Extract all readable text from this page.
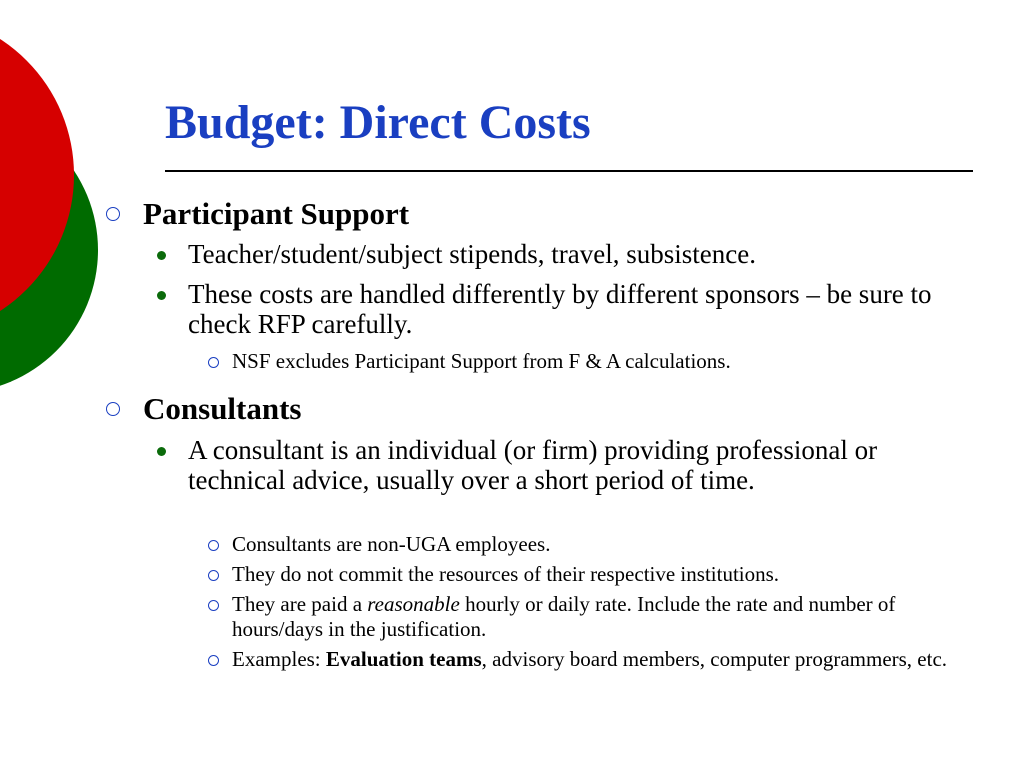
Budget: Direct Costs
Participant Support
Teacher/student/subject stipends, travel, subsistence.
These costs are handled differently by different sponsors – be sure to check RFP carefully.
NSF excludes Participant Support from F & A calculations.
Consultants
A consultant is an individual (or firm) providing professional or technical advice, usually over a short period of time.
Consultants are non-UGA employees.
They do not commit the resources of their respective institutions.
They are paid a reasonable hourly or daily rate. Include the rate and number of hours/days in the justification.
Examples: Evaluation teams, advisory board members, computer programmers, etc.
